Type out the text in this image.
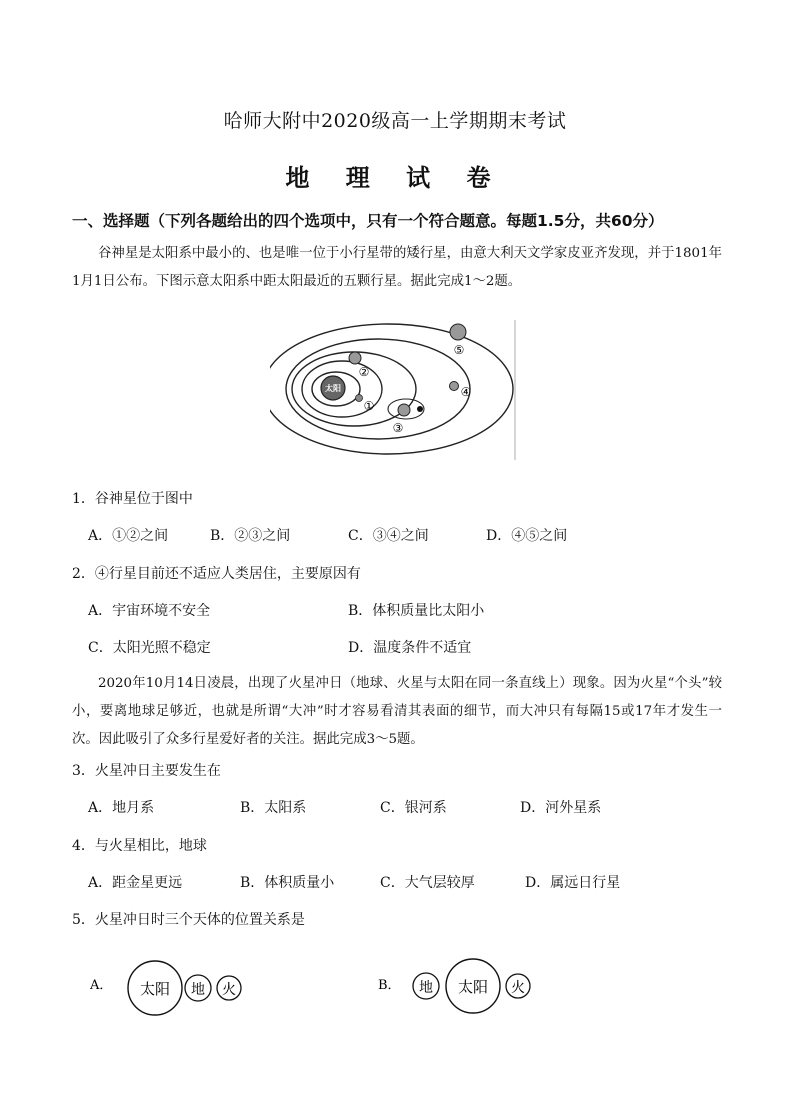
哈师大附中2020级高一上学期期末考试
地 理 试 卷
一、选择题（下列各题给出的四个选项中，只有一个符合题意。每题1.5分，共60分）
谷神星是太阳系中最小的、也是唯一位于小行星带的矮行星，由意大利天文学家皮亚齐发现，并于1801年1月1日公布。下图示意太阳系中距太阳最近的五颗行星。据此完成1～2题。
太阳
①
②
③
④
⑤
1．谷神星位于图中
A．①②之间	B．②③之间	C．③④之间	D．④⑤之间
2．④行星目前还不适应人类居住，主要原因有
A．宇宙环境不安全	B．体积质量比太阳小
C．太阳光照不稳定	D．温度条件不适宜
2020年10月14日凌晨，出现了火星冲日（地球、火星与太阳在同一条直线上）现象。因为火星“个头”较小，要离地球足够近，也就是所谓“大冲”时才容易看清其表面的细节，而大冲只有每隔15或17年才发生一次。因此吸引了众多行星爱好者的关注。据此完成3～5题。
3．火星冲日主要发生在
A．地月系	B．太阳系	C．银河系	D．河外星系
4．与火星相比，地球
A．距金星更远	B．体积质量小	C．大气层较厚	D．属远日行星
5．火星冲日时三个天体的位置关系是
A． 太阳 地 火	B． 地 太阳 火
